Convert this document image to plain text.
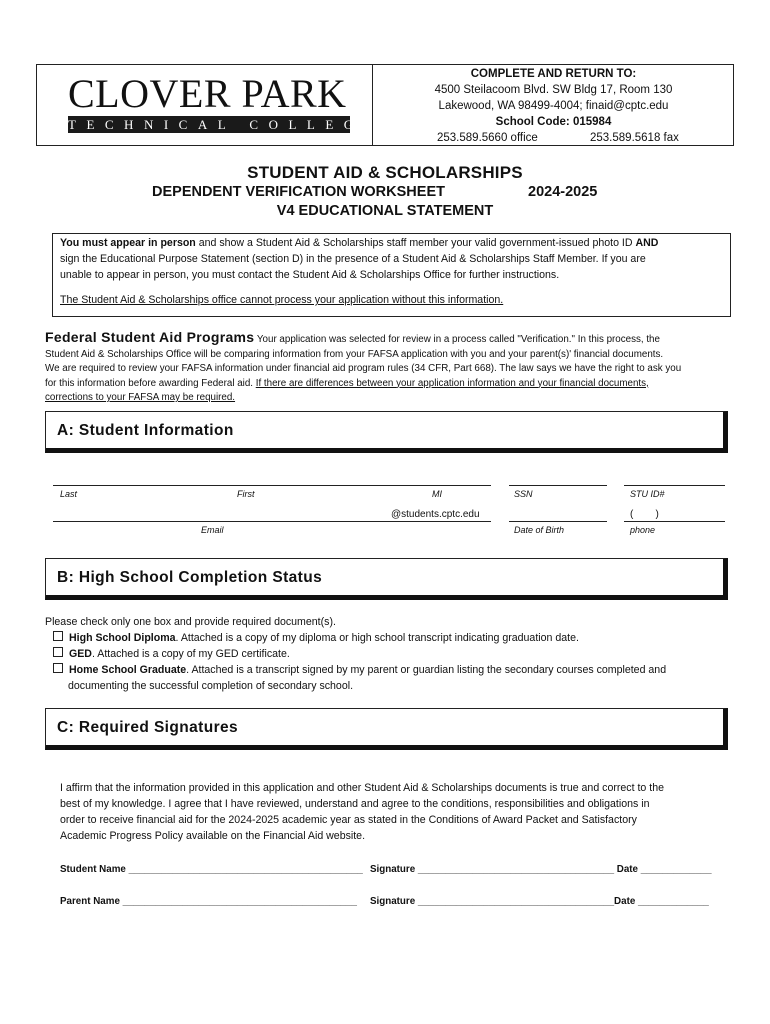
CLOVER PARK
TECHNICAL COLLEGE
COMPLETE AND RETURN TO:
4500 Steilacoom Blvd. SW Bldg 17, Room 130
Lakewood, WA 98499-4004; finaid@cptc.edu
School Code: 015984
253.589.5660 office	253.589.5618 fax
STUDENT AID & SCHOLARSHIPS
DEPENDENT VERIFICATION WORKSHEET	2024-2025
V4 EDUCATIONAL STATEMENT
You must appear in person and show a Student Aid & Scholarships staff member your valid government-issued photo ID AND
sign the Educational Purpose Statement (section D) in the presence of a Student Aid & Scholarships Staff Member. If you are
unable to appear in person, you must contact the Student Aid & Scholarships Office for further instructions.
The Student Aid & Scholarships office cannot process your application without this information.
Federal Student Aid Programs Your application was selected for review in a process called "Verification." In this process, the
Student Aid & Scholarships Office will be comparing information from your FAFSA application with you and your parent(s)' financial documents.
We are required to review your FAFSA information under financial aid program rules (34 CFR, Part 668). The law says we have the right to ask you
for this information before awarding Federal aid. If there are differences between your application information and your financial documents,
corrections to your FAFSA may be required.
A: Student Information
Last	First	MI	SSN	STU ID#
@students.cptc.edu	(        )
Email	Date of Birth	phone
B: High School Completion Status
Please check only one box and provide required document(s).
High School Diploma. Attached is a copy of my diploma or high school transcript indicating graduation date.
GED. Attached is a copy of my GED certificate.
Home School Graduate. Attached is a transcript signed by my parent or guardian listing the secondary courses completed and
documenting the successful completion of secondary school.
C: Required Signatures
I affirm that the information provided in this application and other Student Aid & Scholarships documents is true and correct to the
best of my knowledge. I agree that I have reviewed, understand and agree to the conditions, responsibilities and obligations in
order to receive financial aid for the 2024-2025 academic year as stated in the Conditions of Award Packet and Satisfactory
Academic Progress Policy available on the Financial Aid website.
Student Name ___________________________________________ Signature ____________________________________ Date _____________
Parent Name ___________________________________________ Signature ____________________________________Date _____________
